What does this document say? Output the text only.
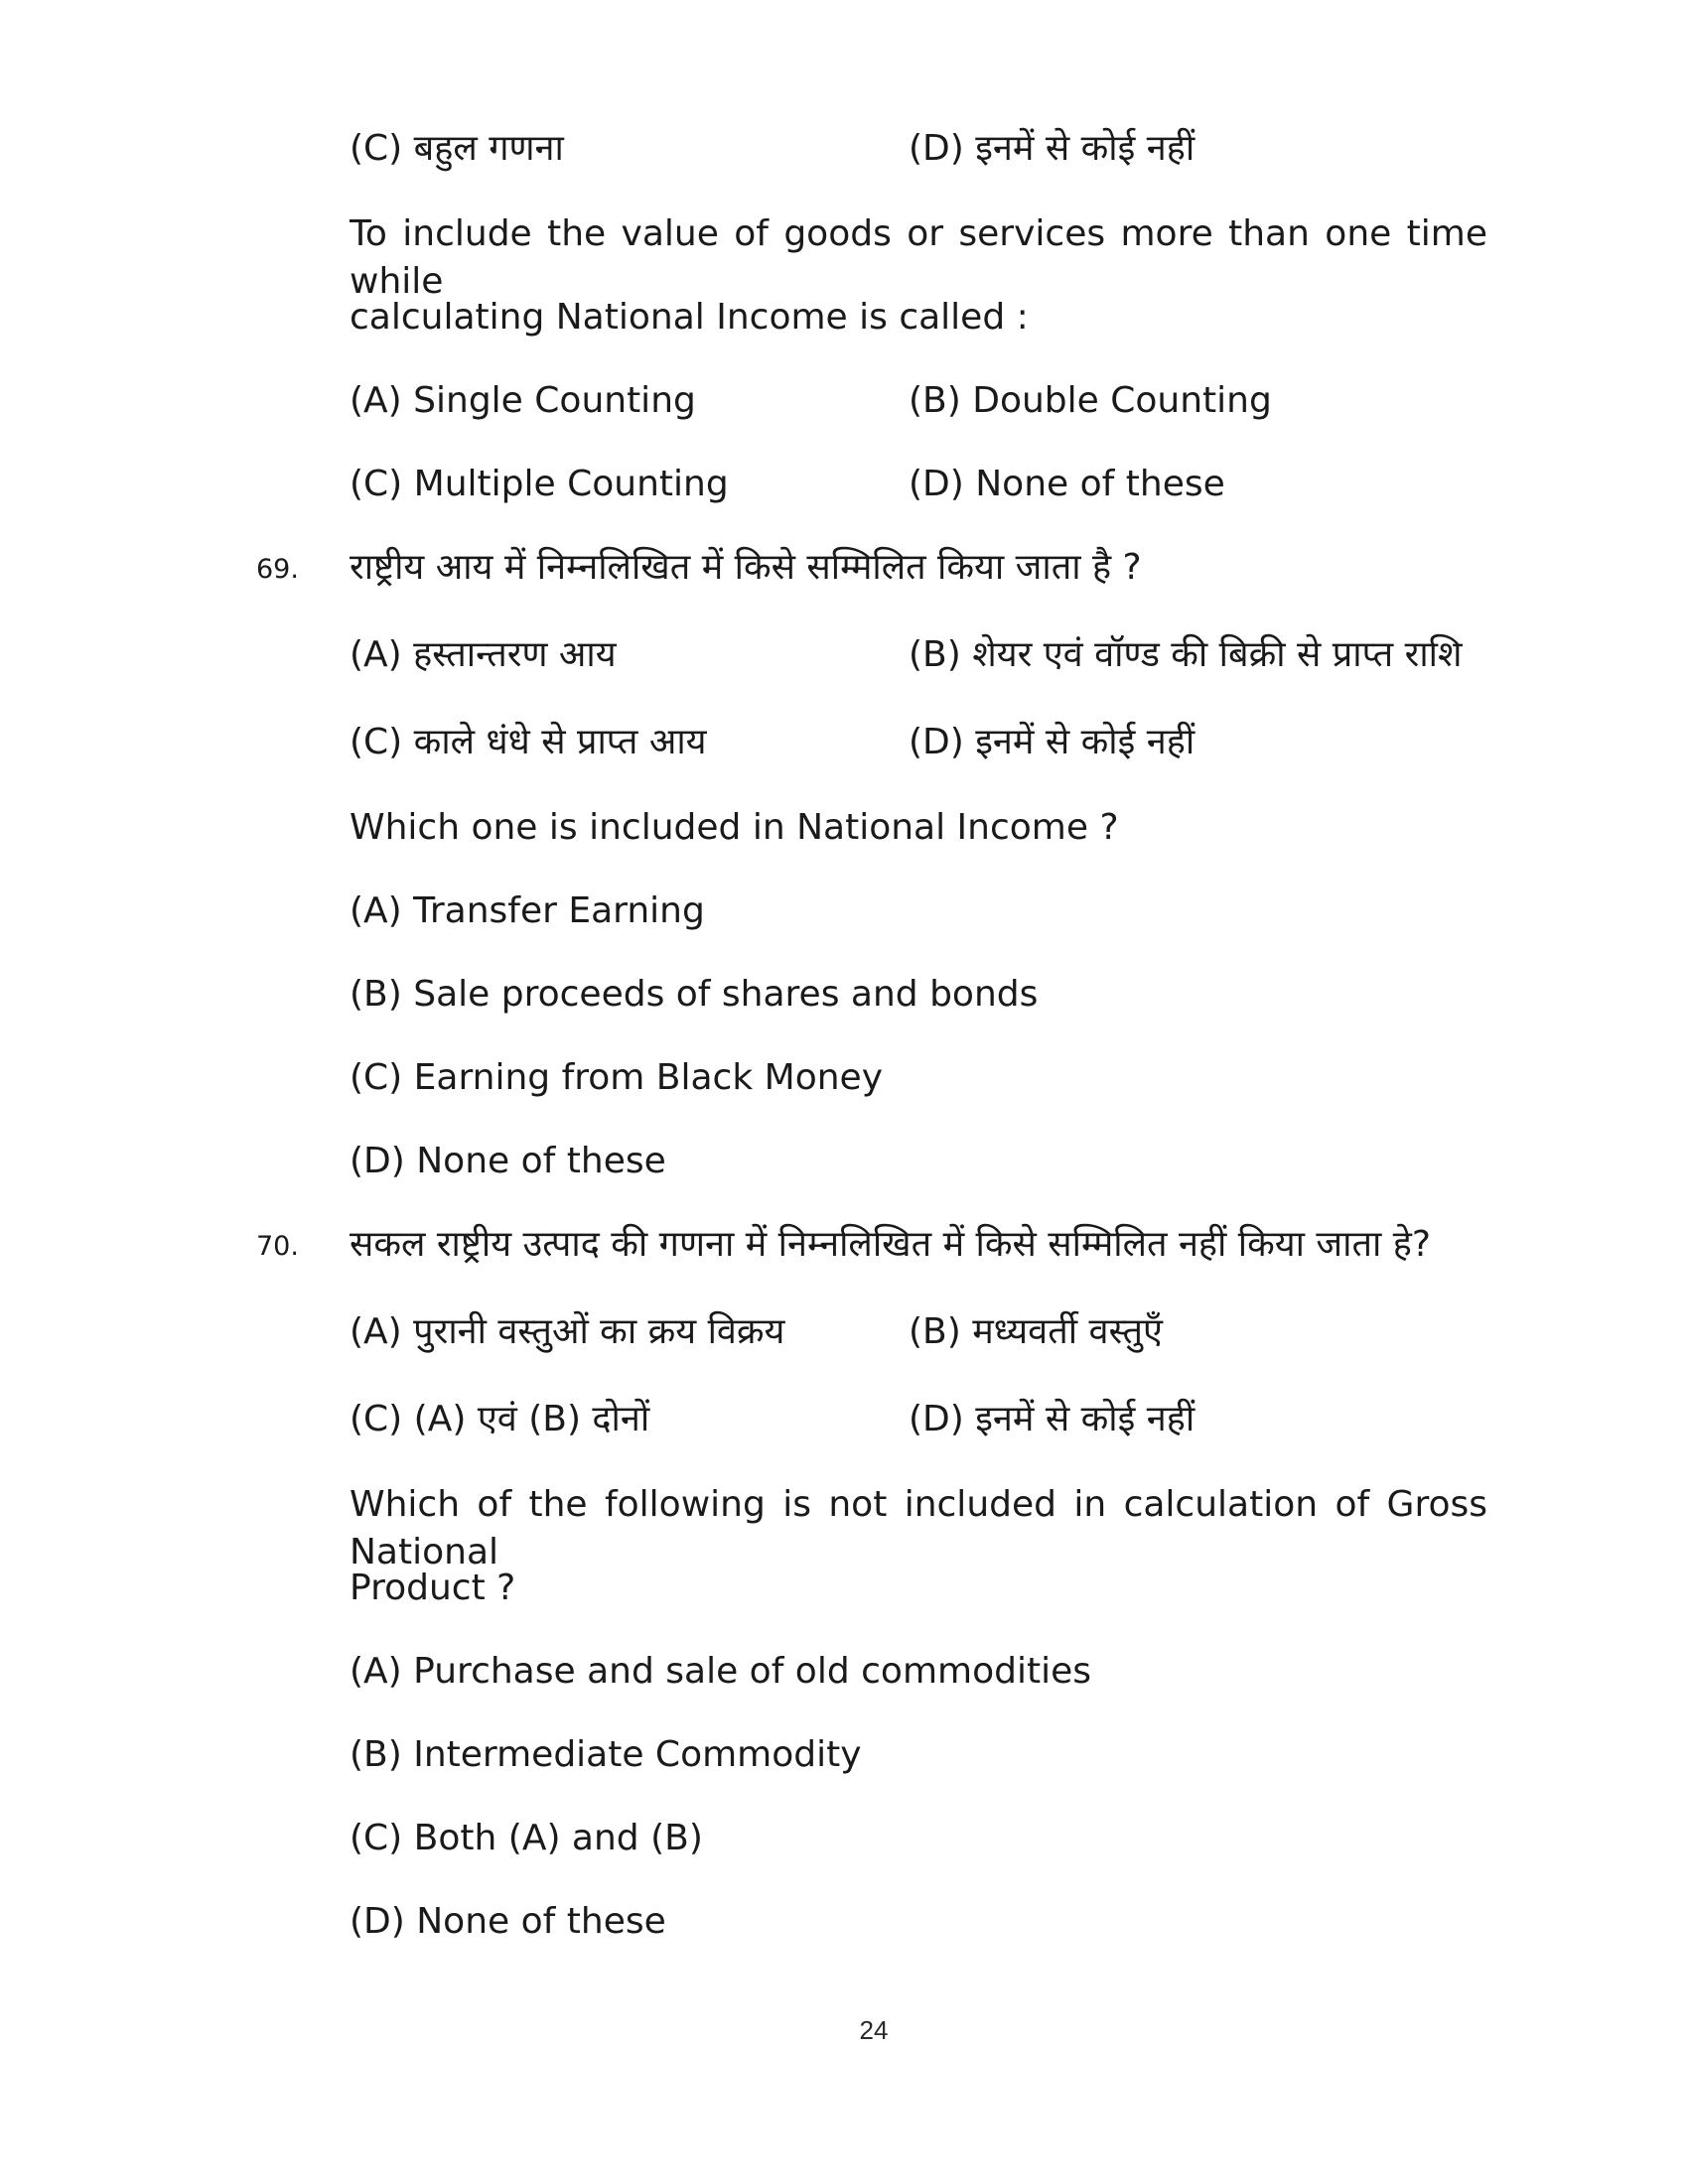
(C) बहुल गणना	(D) इनमें से कोई नहीं

To include the value of goods or services more than one time while

calculating National Income is called :

(A) Single Counting	(B) Double Counting

(C) Multiple Counting	(D) None of these

69. राष्ट्रीय आय में निम्नलिखित में किसे सम्मिलित किया जाता है ?

(A) हस्तान्तरण आय	(B) शेयर एवं वॉण्ड की बिक्री से प्राप्त राशि

(C) काले धंधे से प्राप्त आय	(D) इनमें से कोई नहीं

Which one is included in National Income ?

(A) Transfer Earning

(B) Sale proceeds of shares and bonds

(C) Earning from Black Money

(D) None of these

70. सकल राष्ट्रीय उत्पाद की गणना में निम्नलिखित में किसे सम्मिलित नहीं किया जाता हे?

(A) पुरानी वस्तुओं का क्रय विक्रय	(B) मध्यवर्ती वस्तुएँ

(C) (A) एवं (B) दोनों	(D) इनमें से कोई नहीं

Which of the following is not included in calculation of Gross National

Product ?

(A) Purchase and sale of old commodities

(B) Intermediate Commodity

(C) Both (A) and (B)

(D) None of these

24
